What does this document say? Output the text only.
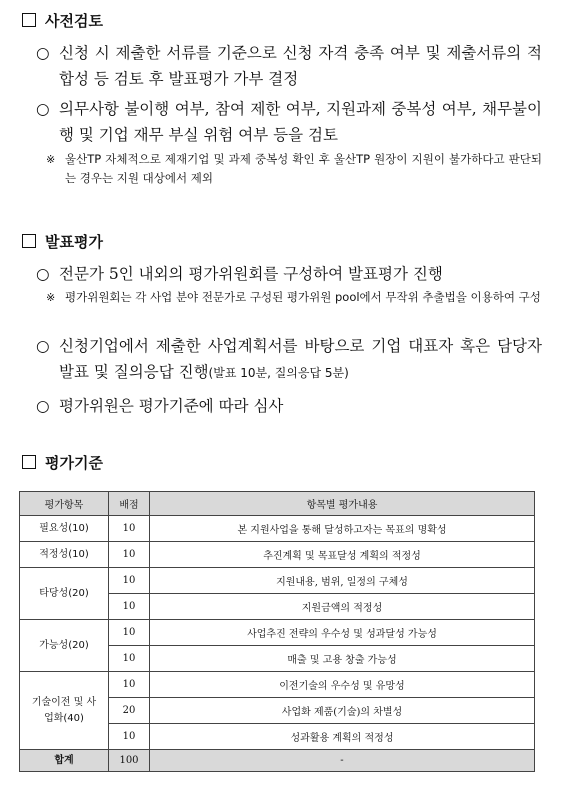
사전검토
○ 신청 시 제출한 서류를 기준으로 신청 자격 충족 여부 및 제출서류의 적합성 등 검토 후 발표평가 가부 결정
○ 의무사항 불이행 여부, 참여 제한 여부, 지원과제 중복성 여부, 채무불이행 및 기업 재무 부실 위험 여부 등을 검토
※ 울산TP 자체적으로 제재기업 및 과제 중복성 확인 후 울산TP 원장이 지원이 불가하다고 판단되는 경우는 지원 대상에서 제외
발표평가
○ 전문가 5인 내외의 평가위원회를 구성하여 발표평가 진행
※ 평가위원회는 각 사업 분야 전문가로 구성된 평가위원 pool에서 무작위 추출법을 이용하여 구성
○ 신청기업에서 제출한 사업계획서를 바탕으로 기업 대표자 혹은 담당자 발표 및 질의응답 진행(발표 10분, 질의응답 5분)
○ 평가위원은 평가기준에 따라 심사
평가기준
평가항목	배점	항목별 평가내용
필요성(10)	10	본 지원사업을 통해 달성하고자는 목표의 명확성
적정성(10)	10	추진계획 및 목표달성 계획의 적정성
타당성(20)	10	지원내용, 범위, 일정의 구체성
	10	지원금액의 적정성
가능성(20)	10	사업추진 전략의 우수성 및 성과달성 가능성
	10	매출 및 고용 창출 가능성
기술이전 및 사업화(40)	10	이전기술의 우수성 및 유망성
	20	사업화 제품(기술)의 차별성
	10	성과활용 계획의 적정성
합계	100	-
